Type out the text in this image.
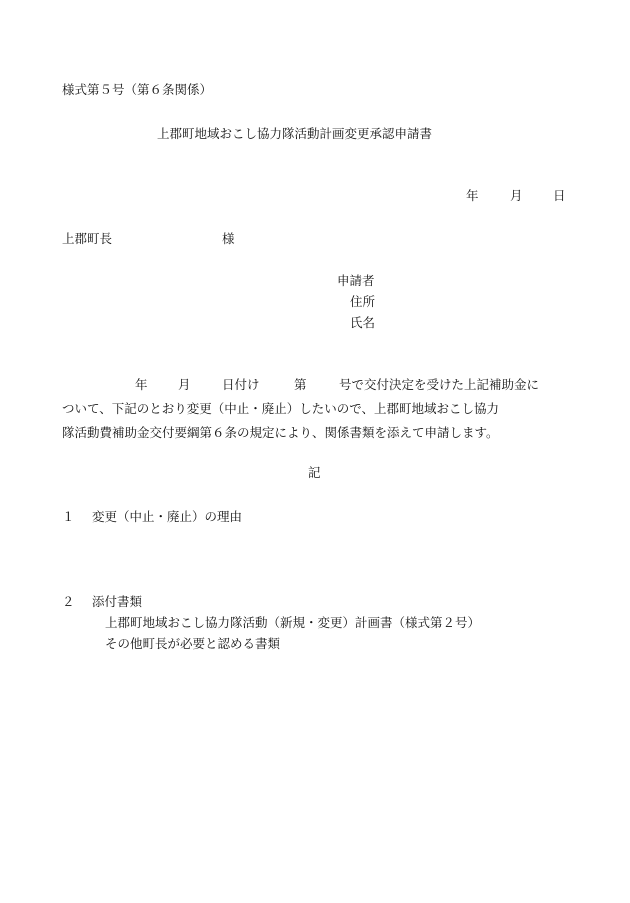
様式第５号（第６条関係）
上郡町地域おこし協力隊活動計画変更承認申請書
年	月 日
上郡町長	様
申請者
住所
氏名
年 月	日付け	第	号で交付決定を受けた上記補助金に
ついて、下記のとおり変更（中止・廃止）したいので、上郡町地域おこし協力
隊活動費補助金交付要綱第６条の規定により、関係書類を添えて申請します。
記
１ 変更（中止・廃止）の理由
２ 添付書類
上郡町地域おこし協力隊活動（新規・変更）計画書（様式第２号）
その他町長が必要と認める書類
